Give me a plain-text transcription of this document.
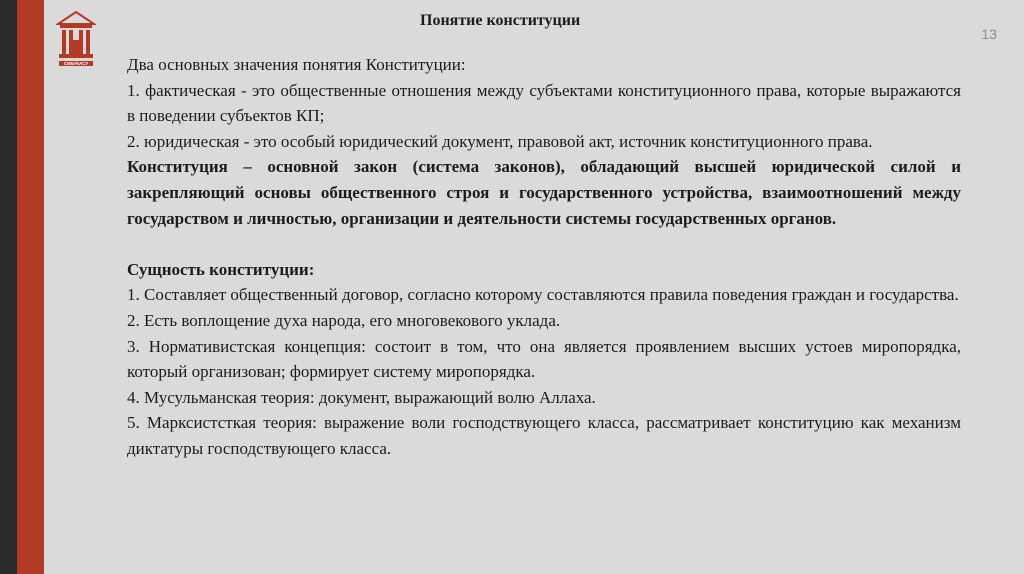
СИБУКАСУ
13
Понятие конституции

Два основных значения понятия Конституции:

1. фактическая - это общественные отношения между субъектами конституционного права, которые выражаются в поведении субъектов КП;

2. юридическая - это особый юридический документ, правовой акт, источник конституционного права.

Конституция – основной закон (система законов), обладающий высшей юридической силой и закрепляющий основы общественного строя и государственного устройства, взаимоотношений между государством и личностью, организации и деятельности системы государственных органов.

Сущность конституции:

1. Составляет общественный договор, согласно которому составляются правила поведения граждан и государства.

2. Есть воплощение духа народа, его многовекового уклада.

3. Нормативистская концепция: состоит в том, что она является проявлением высших устоев миропорядка, который организован; формирует систему миропорядка.

4. Мусульманская теория: документ, выражающий волю Аллаха.

5. Марксистсткая теория: выражение воли господствующего класса, рассматривает конституцию как механизм диктатуры господствующего класса.
